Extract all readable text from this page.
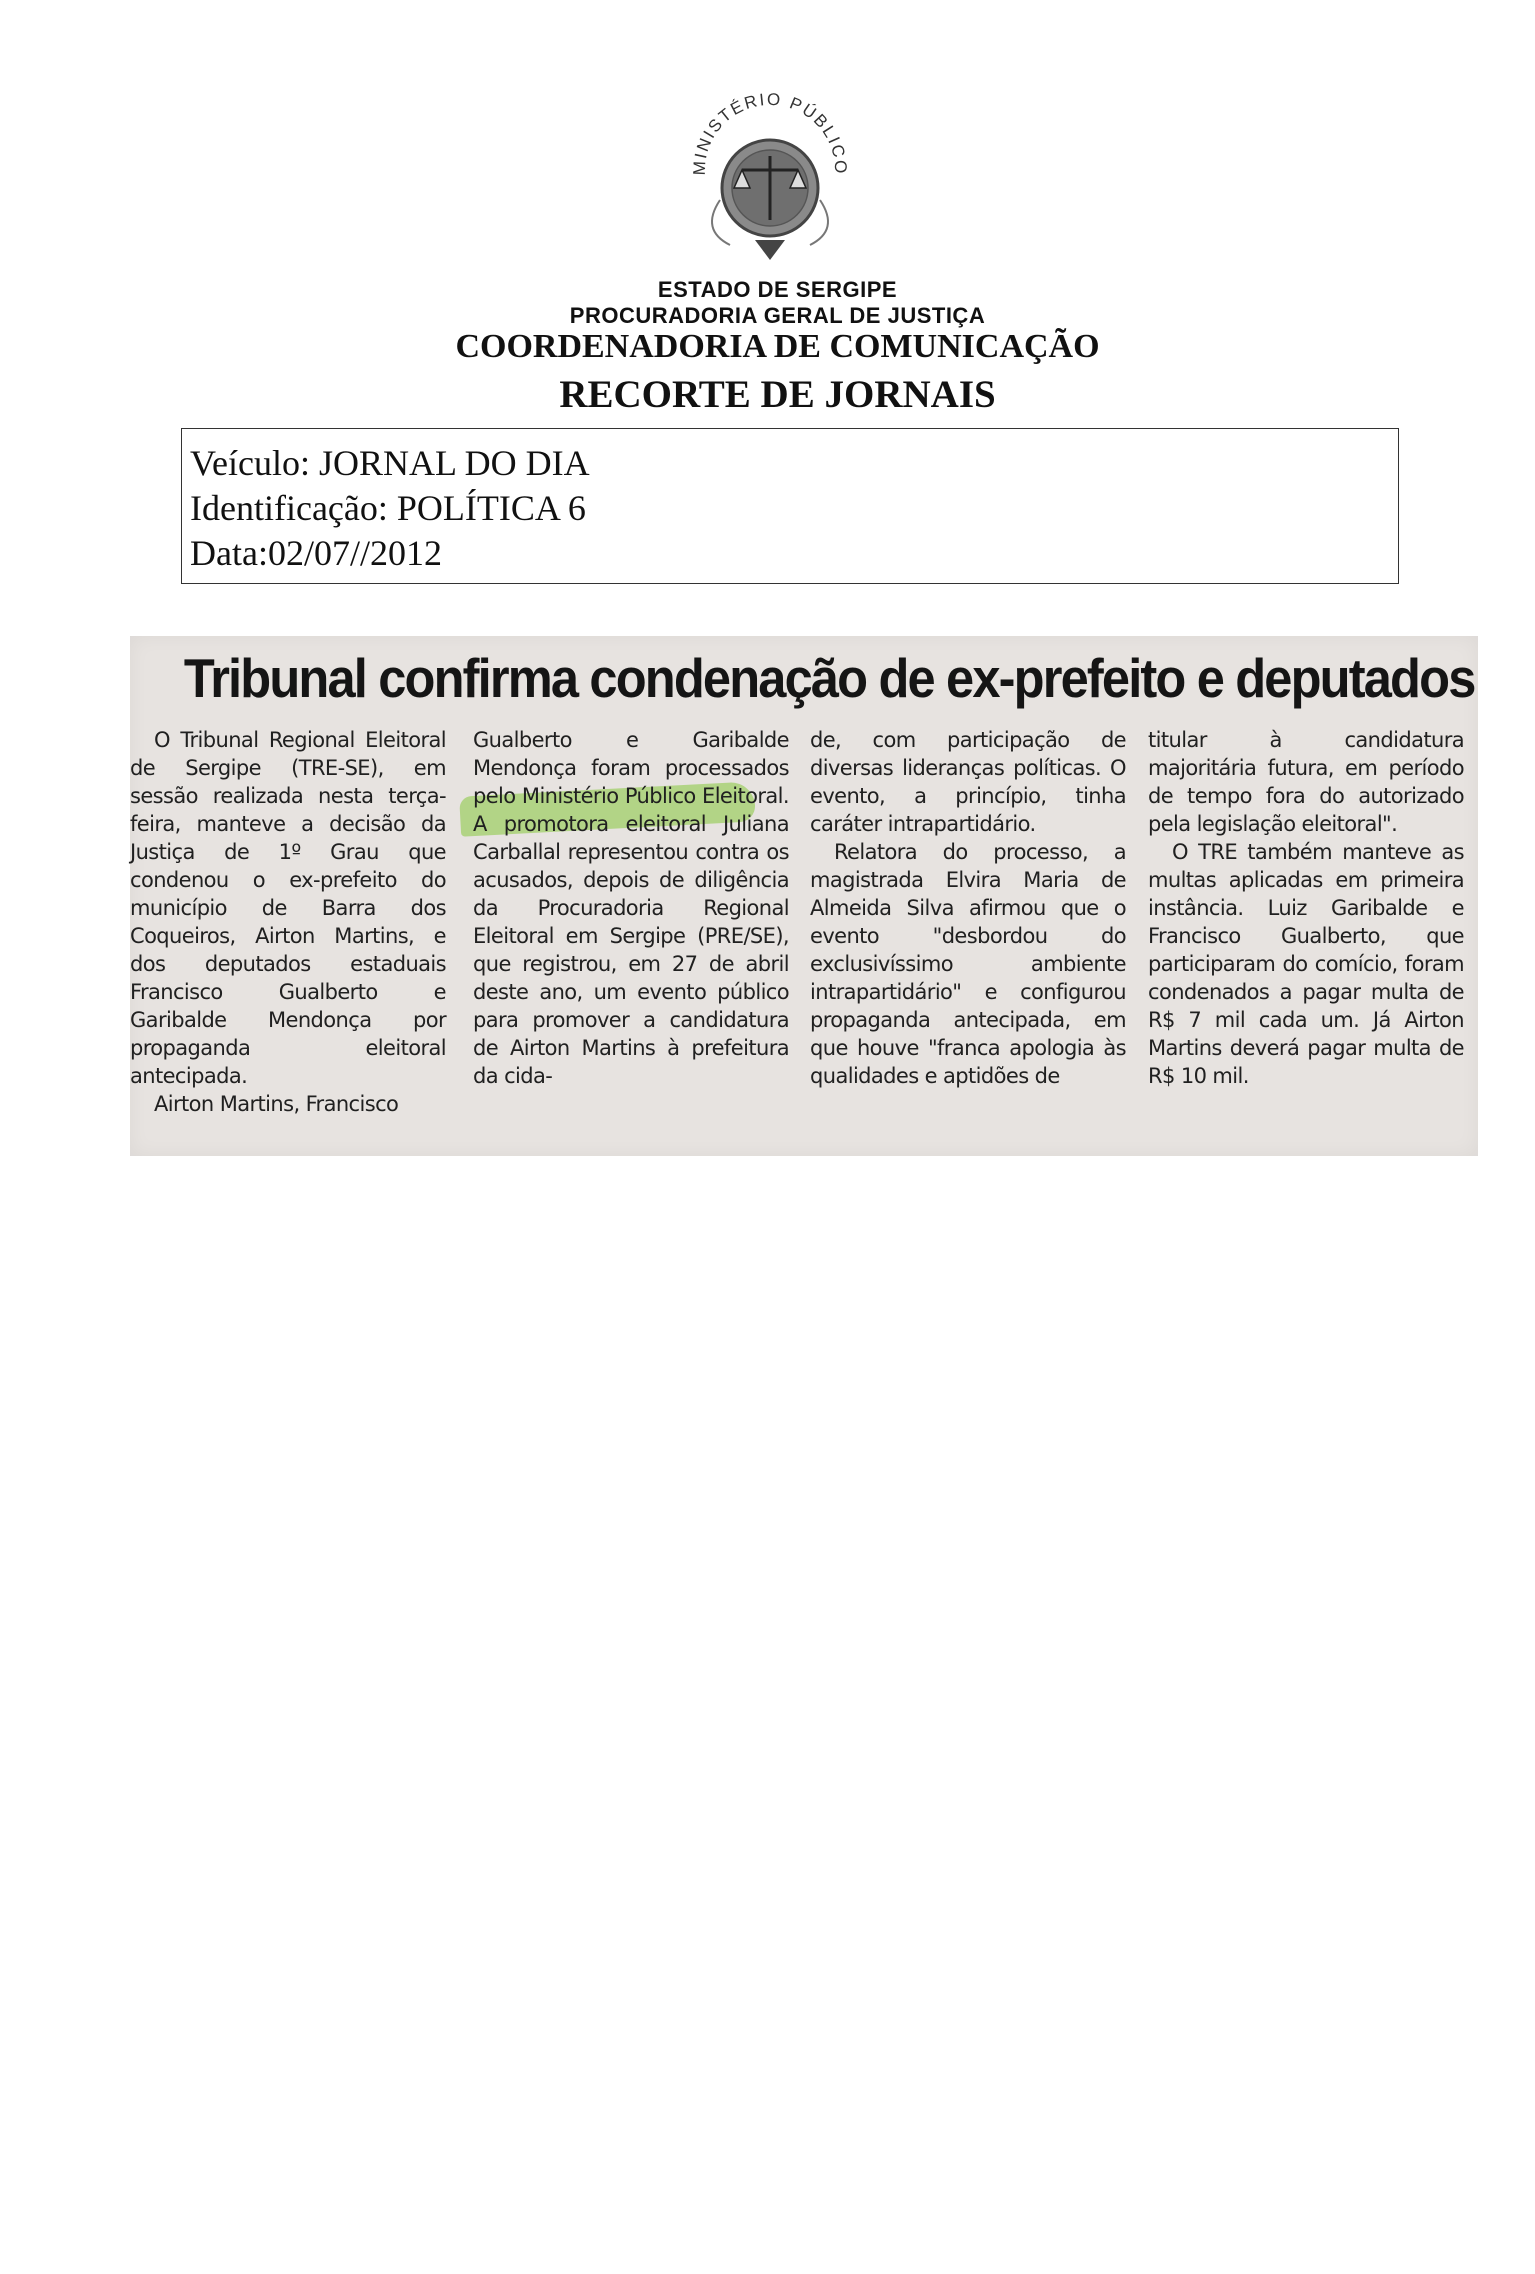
MINISTÉRIO PÚBLICO
ESTADO DE SERGIPE
PROCURADORIA GERAL DE JUSTIÇA
COORDENADORIA DE COMUNICAÇÃO
RECORTE DE JORNAIS
Veículo: JORNAL DO DIA
Identificação: POLÍTICA 6
Data:02/07//2012
Tribunal confirma condenação de ex-prefeito e deputados

O Tribunal Regional Eleitoral de Sergipe (TRE-SE), em sessão realizada nesta terça-feira, manteve a decisão da Justiça de 1º Grau que condenou o ex-prefeito do município de Barra dos Coqueiros, Airton Martins, e dos deputados estaduais Francisco Gualberto e Garibalde Mendonça por propaganda eleitoral antecipada.

Airton Martins, Francisco

Gualberto e Garibalde Mendonça foram processados pelo Ministério Público Eleitoral. A promotora eleitoral Juliana Carballal representou contra os acusados, depois de diligência da Procuradoria Regional Eleitoral em Sergipe (PRE/SE), que registrou, em 27 de abril deste ano, um evento público para promover a candidatura de Airton Martins à prefeitura da cida-

de, com participação de diversas lideranças políticas. O evento, a princípio, tinha caráter intrapartidário.

Relatora do processo, a magistrada Elvira Maria de Almeida Silva afirmou que o evento "desbordou do exclusivíssimo ambiente intrapartidário" e configurou propaganda antecipada, em que houve "franca apologia às qualidades e aptidões de

titular à candidatura majoritária futura, em período de tempo fora do autorizado pela legislação eleitoral".

O TRE também manteve as multas aplicadas em primeira instância. Luiz Garibalde e Francisco Gualberto, que participaram do comício, foram condenados a pagar multa de R$ 7 mil cada um. Já Airton Martins deverá pagar multa de R$ 10 mil.
